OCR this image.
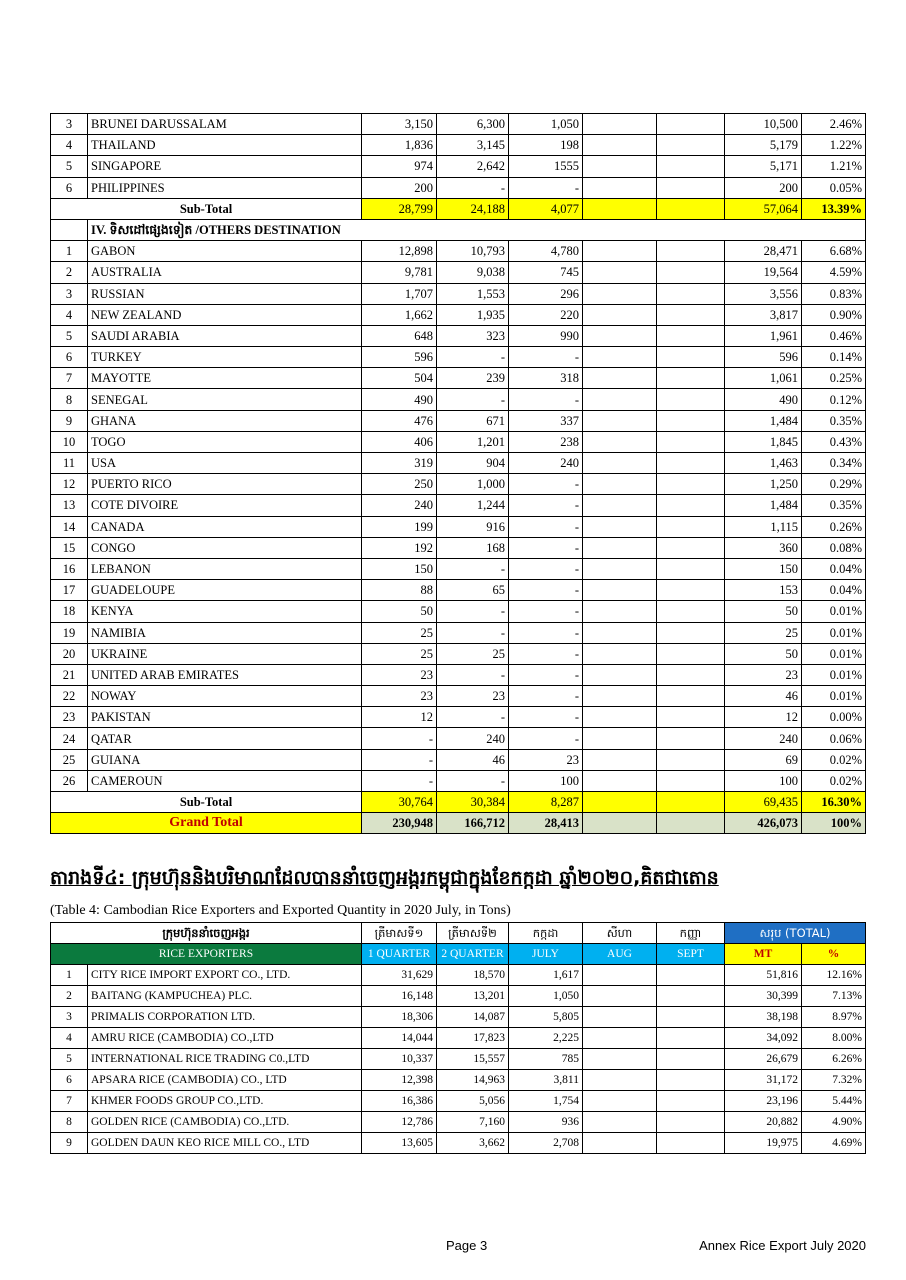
3	BRUNEI DARUSSALAM	3,150	6,300	1,050			10,500	2.46%
4	THAILAND	1,836	3,145	198			5,179	1.22%
5	SINGAPORE	974	2,642	1555			5,171	1.21%
6	PHILIPPINES	200	-	-			200	0.05%
Sub-Total		28,799	24,188	4,077			57,064	13.39%
	IV. ទិសដៅផ្សេងទៀត /OTHERS DESTINATION							
1	GABON	12,898	10,793	4,780			28,471	6.68%
2	AUSTRALIA	9,781	9,038	745			19,564	4.59%
3	RUSSIAN	1,707	1,553	296			3,556	0.83%
4	NEW ZEALAND	1,662	1,935	220			3,817	0.90%
5	SAUDI ARABIA	648	323	990			1,961	0.46%
6	TURKEY	596	-	-			596	0.14%
7	MAYOTTE	504	239	318			1,061	0.25%
8	SENEGAL	490	-	-			490	0.12%
9	GHANA	476	671	337			1,484	0.35%
10	TOGO	406	1,201	238			1,845	0.43%
11	USA	319	904	240			1,463	0.34%
12	PUERTO RICO	250	1,000	-			1,250	0.29%
13	COTE DIVOIRE	240	1,244	-			1,484	0.35%
14	CANADA	199	916	-			1,115	0.26%
15	CONGO	192	168	-			360	0.08%
16	LEBANON	150	-	-			150	0.04%
17	GUADELOUPE	88	65	-			153	0.04%
18	KENYA	50	-	-			50	0.01%
19	NAMIBIA	25	-	-			25	0.01%
20	UKRAINE	25	25	-			50	0.01%
21	UNITED ARAB EMIRATES	23	-	-			23	0.01%
22	NOWAY	23	23	-			46	0.01%
23	PAKISTAN	12	-	-			12	0.00%
24	QATAR	-	240	-			240	0.06%
25	GUIANA	-	46	23			69	0.02%
26	CAMEROUN	-	-	100			100	0.02%
Sub-Total		30,764	30,384	8,287			69,435	16.30%
Grand Total		230,948	166,712	28,413			426,073	100%
តារាងទី៤: ក្រុមហ៊ុននិងបរិមាណដែលបាននាំចេញអង្ករកម្ពុជាក្នុងខែកក្កដា ឆ្នាំ២០២០,គិតជាតោន
(Table 4: Cambodian Rice Exporters and Exported Quantity in 2020 July, in Tons)
ក្រុមហ៊ុននាំចេញអង្ករ		ត្រីមាសទី១	ត្រីមាសទី២	កក្កដា	សីហា	កញ្ញា	សរុប (TOTAL)	
RICE EXPORTERS		1 QUARTER	2 QUARTER	JULY	AUG	SEPT	MT	%
1	CITY RICE IMPORT EXPORT CO., LTD.	31,629	18,570	1,617			51,816	12.16%
2	BAITANG (KAMPUCHEA) PLC.	16,148	13,201	1,050			30,399	7.13%
3	PRIMALIS CORPORATION LTD.	18,306	14,087	5,805			38,198	8.97%
4	AMRU RICE (CAMBODIA) CO.,LTD	14,044	17,823	2,225			34,092	8.00%
5	INTERNATIONAL RICE TRADING C0.,LTD	10,337	15,557	785			26,679	6.26%
6	APSARA RICE (CAMBODIA) CO., LTD	12,398	14,963	3,811			31,172	7.32%
7	KHMER FOODS GROUP CO.,LTD.	16,386	5,056	1,754			23,196	5.44%
8	GOLDEN RICE (CAMBODIA) CO.,LTD.	12,786	7,160	936			20,882	4.90%
9	GOLDEN DAUN KEO RICE MILL CO., LTD	13,605	3,662	2,708			19,975	4.69%
Page 3	Annex Rice Export July 2020
